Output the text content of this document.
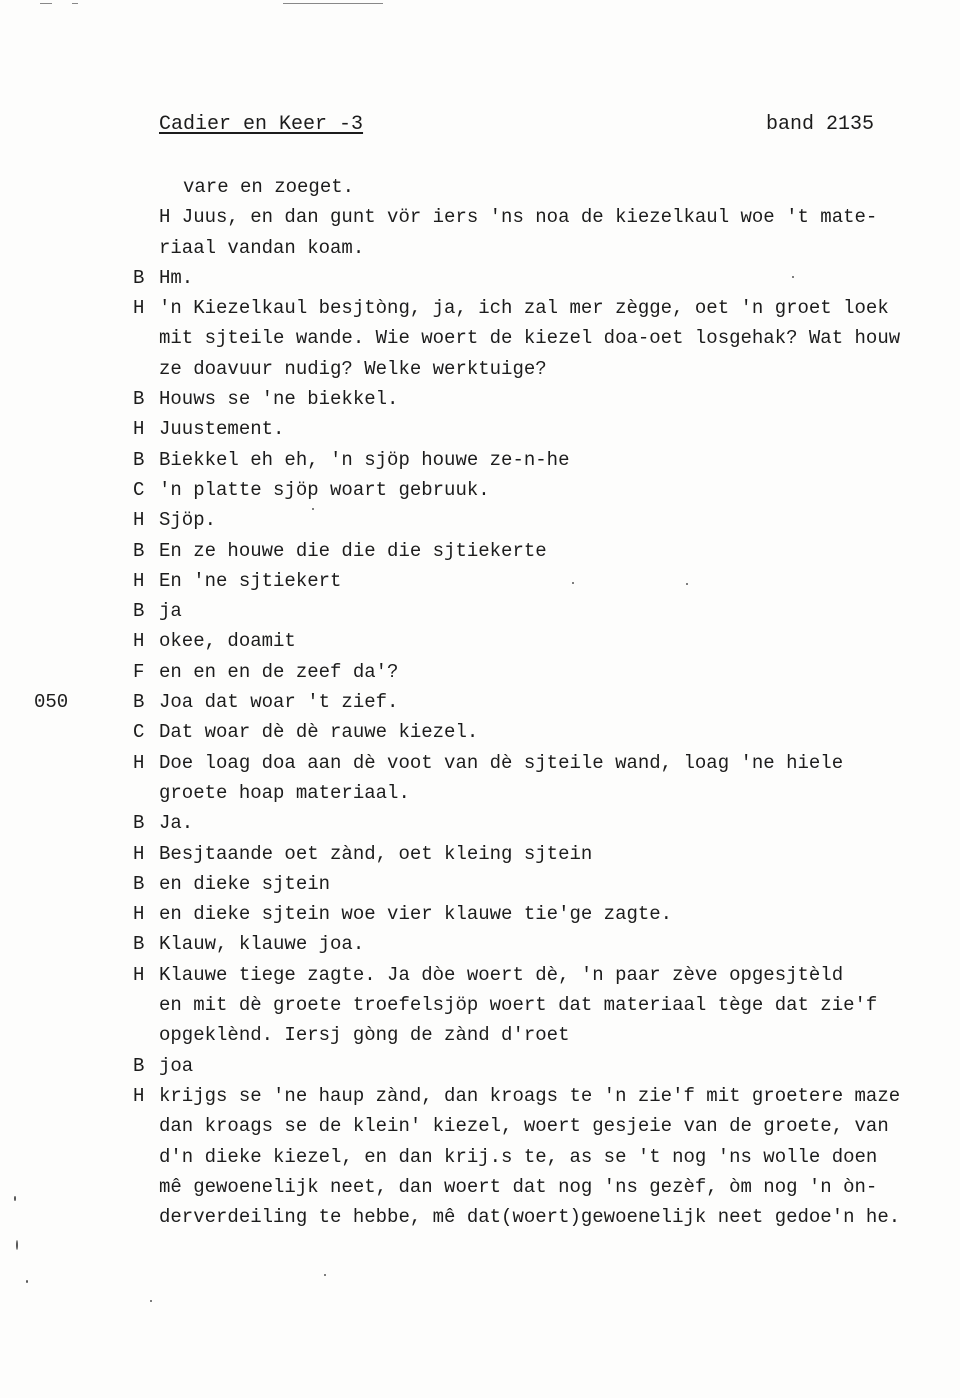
Cadier en Keer -3	band 2135
vare en zoeget.
H Juus, en dan gunt vör iers 'ns noa de kiezelkaul woe 't mate-
riaal vandan koam.
B Hm.
H 'n Kiezelkaul besjtòng, ja, ich zal mer zègge, oet 'n groet loek
mit sjteile wande. Wie woert de kiezel doa-oet losgehak? Wat houw
ze doavuur nudig? Welke werktuige?
B Houws se 'ne biekkel.
H Juustement.
B Biekkel eh eh, 'n sjöp houwe ze-n-he
C 'n platte sjöp woart gebruuk.
H Sjöp.
B En ze houwe die die die sjtiekerte
H En 'ne sjtiekert
B ja
H okee, doamit
F en en en de zeef da'?
050	B Joa dat woar 't zief.
C Dat woar dè dè rauwe kiezel.
H Doe loag doa aan dè voot van dè sjteile wand, loag 'ne hiele
groete hoap materiaal.
B Ja.
H Besjtaande oet zànd, oet kleing sjtein
B en dieke sjtein
H en dieke sjtein woe vier klauwe tie'ge zagte.
B Klauw, klauwe joa.
H Klauwe tiege zagte. Ja dòe woert dè, 'n paar zève opgesjtèld
en mit dè groete troefelsjöp woert dat materiaal tège dat zie'f
opgeklènd. Iersj gòng de zànd d'roet
B joa
H krijgs se 'ne haup zànd, dan kroags te 'n zie'f mit groetere maze
dan kroags se de klein' kiezel, woert gesjeie van de groete, van
d'n dieke kiezel, en dan krij.s te, as se 't nog 'ns wolle doen
mê gewoenelijk neet, dan woert dat nog 'ns gezèf, òm nog 'n òn-
derverdeiling te hebbe, mê dat(woert)gewoenelijk neet gedoe'n he.
